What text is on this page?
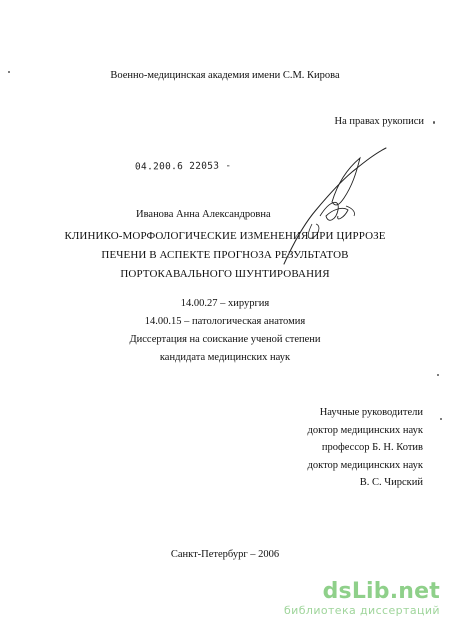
Военно-медицинская академия имени С.М. Кирова
На правах рукописи
04.200.6 22053 -
Иванова Анна Александровна
КЛИНИКО-МОРФОЛОГИЧЕСКИЕ ИЗМЕНЕНИЯ ПРИ ЦИРРОЗЕ
ПЕЧЕНИ В АСПЕКТЕ ПРОГНОЗА РЕЗУЛЬТАТОВ
ПОРТОКАВАЛЬНОГО ШУНТИРОВАНИЯ
14.00.27 – хирургия
14.00.15 – патологическая анатомия
Диссертация на соискание ученой степени
кандидата медицинских наук
Научные руководители
доктор медицинских наук
профессор Б. Н. Котив
доктор медицинских наук
В. С. Чирский
Санкт-Петербург – 2006
dsLib.net
библиотека диссертаций
